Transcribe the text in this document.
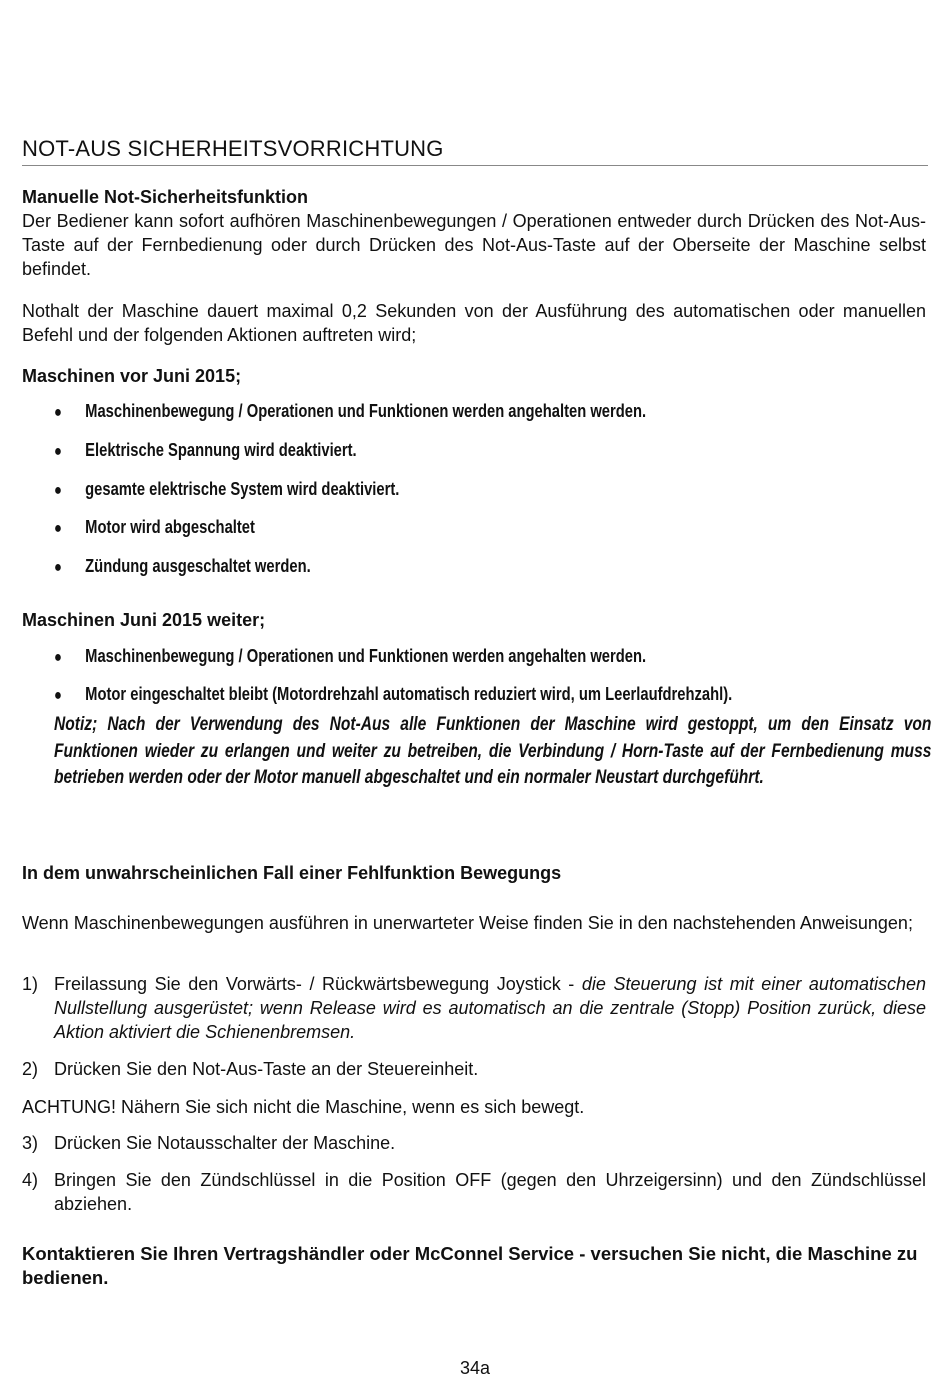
NOT-AUS SICHERHEITSVORRICHTUNG
Manuelle Not-Sicherheitsfunktion
Der Bediener kann sofort aufhören Maschinenbewegungen / Operationen entweder durch Drücken des Not-Aus-Taste auf der Fernbedienung oder durch Drücken des Not-Aus-Taste auf der Oberseite der Maschine selbst befindet.
Nothalt der Maschine dauert maximal 0,2 Sekunden von der Ausführung des automatischen oder manuellen Befehl und der folgenden Aktionen auftreten wird;
Maschinen vor Juni 2015;
● Maschinenbewegung / Operationen und Funktionen werden angehalten werden.
● Elektrische Spannung wird deaktiviert.
● gesamte elektrische System wird deaktiviert.
● Motor wird abgeschaltet
● Zündung ausgeschaltet werden.
Maschinen Juni 2015 weiter;
● Maschinenbewegung / Operationen und Funktionen werden angehalten werden.
● Motor eingeschaltet bleibt (Motordrehzahl automatisch reduziert wird, um Leerlaufdrehzahl).
Notiz; Nach der Verwendung des Not-Aus alle Funktionen der Maschine wird gestoppt, um den Einsatz von Funktionen wieder zu erlangen und weiter zu betreiben, die Verbindung / Horn-Taste auf der Fernbedienung muss betrieben werden oder der Motor manuell abgeschaltet und ein normaler Neustart durchgeführt.
In dem unwahrscheinlichen Fall einer Fehlfunktion Bewegungs
Wenn Maschinenbewegungen ausführen in unerwarteter Weise finden Sie in den nachstehenden Anweisungen;
1) Freilassung Sie den Vorwärts- / Rückwärtsbewegung Joystick - die Steuerung ist mit einer automatischen Nullstellung ausgerüstet; wenn Release wird es automatisch an die zentrale (Stopp) Position zurück, diese Aktion aktiviert die Schienenbremsen.
2) Drücken Sie den Not-Aus-Taste an der Steuereinheit.
ACHTUNG! Nähern Sie sich nicht die Maschine, wenn es sich bewegt.
3) Drücken Sie Notausschalter der Maschine.
4) Bringen Sie den Zündschlüssel in die Position OFF (gegen den Uhrzeigersinn) und den Zündschlüssel abziehen.
Kontaktieren Sie Ihren Vertragshändler oder McConnel Service - versuchen Sie nicht, die Maschine zu bedienen.
34a
